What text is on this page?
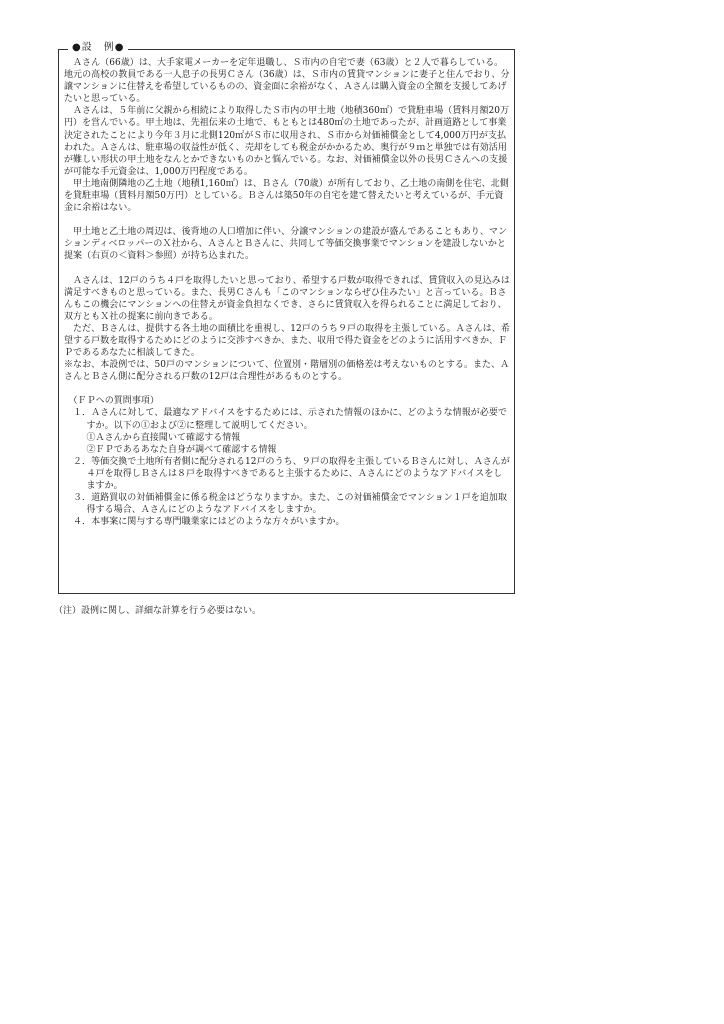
●設　例●

Ａさん（66歳）は、大手家電メーカーを定年退職し、Ｓ市内の自宅で妻（63歳）と２人で暮らしている。地元の高校の教員である一人息子の長男Ｃさん（36歳）は、Ｓ市内の賃貸マンションに妻子と住んでおり、分譲マンションに住替えを希望しているものの、資金面に余裕がなく、Ａさんは購入資金の全額を支援してあげたいと思っている。

Ａさんは、５年前に父親から相続により取得したＳ市内の甲土地（地積360㎡）で貸駐車場（賃料月額20万円）を営んでいる。甲土地は、先祖伝来の土地で、もともとは480㎡の土地であったが、計画道路として事業決定されたことにより今年３月に北側120㎡がＳ市に収用され、Ｓ市から対価補償金として4,000万円が支払われた。Ａさんは、駐車場の収益性が低く、売却をしても税金がかかるため、奥行が９ｍと単独では有効活用が難しい形状の甲土地をなんとかできないものかと悩んでいる。なお、対価補償金以外の長男Ｃさんへの支援が可能な手元資金は、1,000万円程度である。

甲土地南側隣地の乙土地（地積1,160㎡）は、Ｂさん（70歳）が所有しており、乙土地の南側を住宅、北側を貸駐車場（賃料月額50万円）としている。Ｂさんは築50年の自宅を建て替えたいと考えているが、手元資金に余裕はない。

甲土地と乙土地の周辺は、後背地の人口増加に伴い、分譲マンションの建設が盛んであることもあり、マンションディベロッパーのＸ社から、ＡさんとＢさんに、共同して等価交換事業でマンションを建設しないかと提案（右頁の＜資料＞参照）が持ち込まれた。

Ａさんは、12戸のうち４戸を取得したいと思っており、希望する戸数が取得できれば、賃貸収入の見込みは満足すべきものと思っている。また、長男Ｃさんも「このマンションならぜひ住みたい」と言っている。Ｂさんもこの機会にマンションへの住替えが資金負担なくでき、さらに賃貸収入を得られることに満足しており、双方ともＸ社の提案に前向きである。

ただ、Ｂさんは、提供する各土地の面積比を重視し、12戸のうち９戸の取得を主張している。Ａさんは、希望する戸数を取得するためにどのように交渉すべきか、また、収用で得た資金をどのように活用すべきか、ＦＰであるあなたに相談してきた。

※なお、本設例では、50戸のマンションについて、位置別・階層別の価格差は考えないものとする。また、ＡさんとＢさん側に配分される戸数の12戸は合理性があるものとする。

（ＦＰへの質問事項）

１．Ａさんに対して、最適なアドバイスをするためには、示された情報のほかに、どのような情報が必要ですか。以下の①および②に整理して説明してください。

①Ａさんから直接聞いて確認する情報

②ＦＰであるあなた自身が調べて確認する情報

２．等価交換で土地所有者側に配分される12戸のうち、９戸の取得を主張しているＢさんに対し、Ａさんが４戸を取得しＢさんは８戸を取得すべきであると主張するために、Ａさんにどのようなアドバイスをしますか。

３．道路買収の対価補償金に係る税金はどうなりますか。また、この対価補償金でマンション１戸を追加取得する場合、Ａさんにどのようなアドバイスをしますか。

４．本事案に関与する専門職業家にはどのような方々がいますか。

（注）設例に関し、詳細な計算を行う必要はない。
